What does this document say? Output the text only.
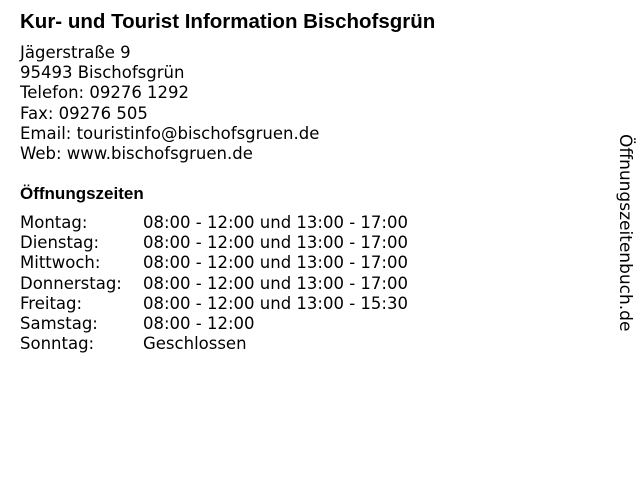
Kur- und Tourist Information Bischofsgrün
Jägerstraße 9
95493 Bischofsgrün
Telefon: 09276 1292
Fax: 09276 505
Email: touristinfo@bischofsgruen.de
Web: www.bischofsgruen.de
Öffnungszeiten
Montag:	08:00 - 12:00 und 13:00 - 17:00
Dienstag:	08:00 - 12:00 und 13:00 - 17:00
Mittwoch:	08:00 - 12:00 und 13:00 - 17:00
Donnerstag:	08:00 - 12:00 und 13:00 - 17:00
Freitag:	08:00 - 12:00 und 13:00 - 15:30
Samstag:	08:00 - 12:00
Sonntag:	Geschlossen
Öffnungszeitenbuch.de
